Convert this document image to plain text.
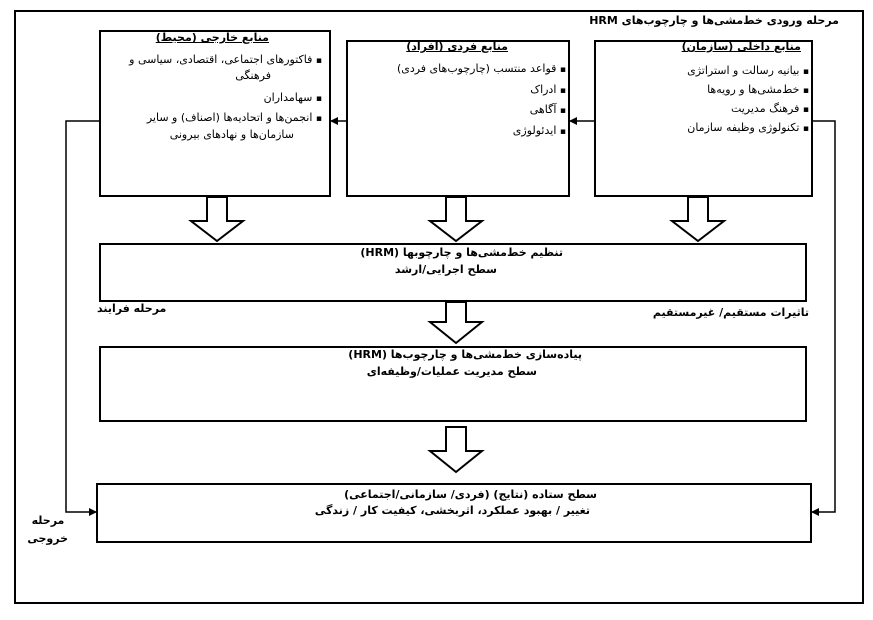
مرحله ورودی خط‌مشی‌ها و چارچوب‌های HRM
منابع داخلی (سازمان)
▪ بیانیه رسالت و استراتژی
▪ خط‌مشی‌ها و رویه‌ها
▪ فرهنگ مدیریت
▪ تکنولوژی وظیفه سازمان
منابع فردی (افراد)
▪ قواعد منتسب (چارچوب‌های فردی)
▪ ادراک
▪ آگاهی
▪ ایدئولوژی
منابع خارجی (محیط)
▪ فاکتورهای اجتماعی، اقتصادی، سیاسی و
فرهنگی
▪ سهامداران
▪ انجمن‌ها و اتحادیه‌ها (اصناف) و سایر
سازمان‌ها و نهادهای بیرونی
تنظیم خط‌مشی‌ها و چارچوبها (HRM)
سطح اجرایی/ارشد
مرحله فرایند	تاثیرات مستقیم/ غیرمستقیم
پیاده‌سازی خط‌مشی‌ها و چارچوب‌ها (HRM)
سطح مدیریت عملیات/وظیفه‌ای
سطح ستاده (نتایج) (فردی/ سازمانی/اجتماعی)
تغییر / بهبود عملکرد، اثربخشی، کیفیت کار / زندگی
مرحله
خروجی
